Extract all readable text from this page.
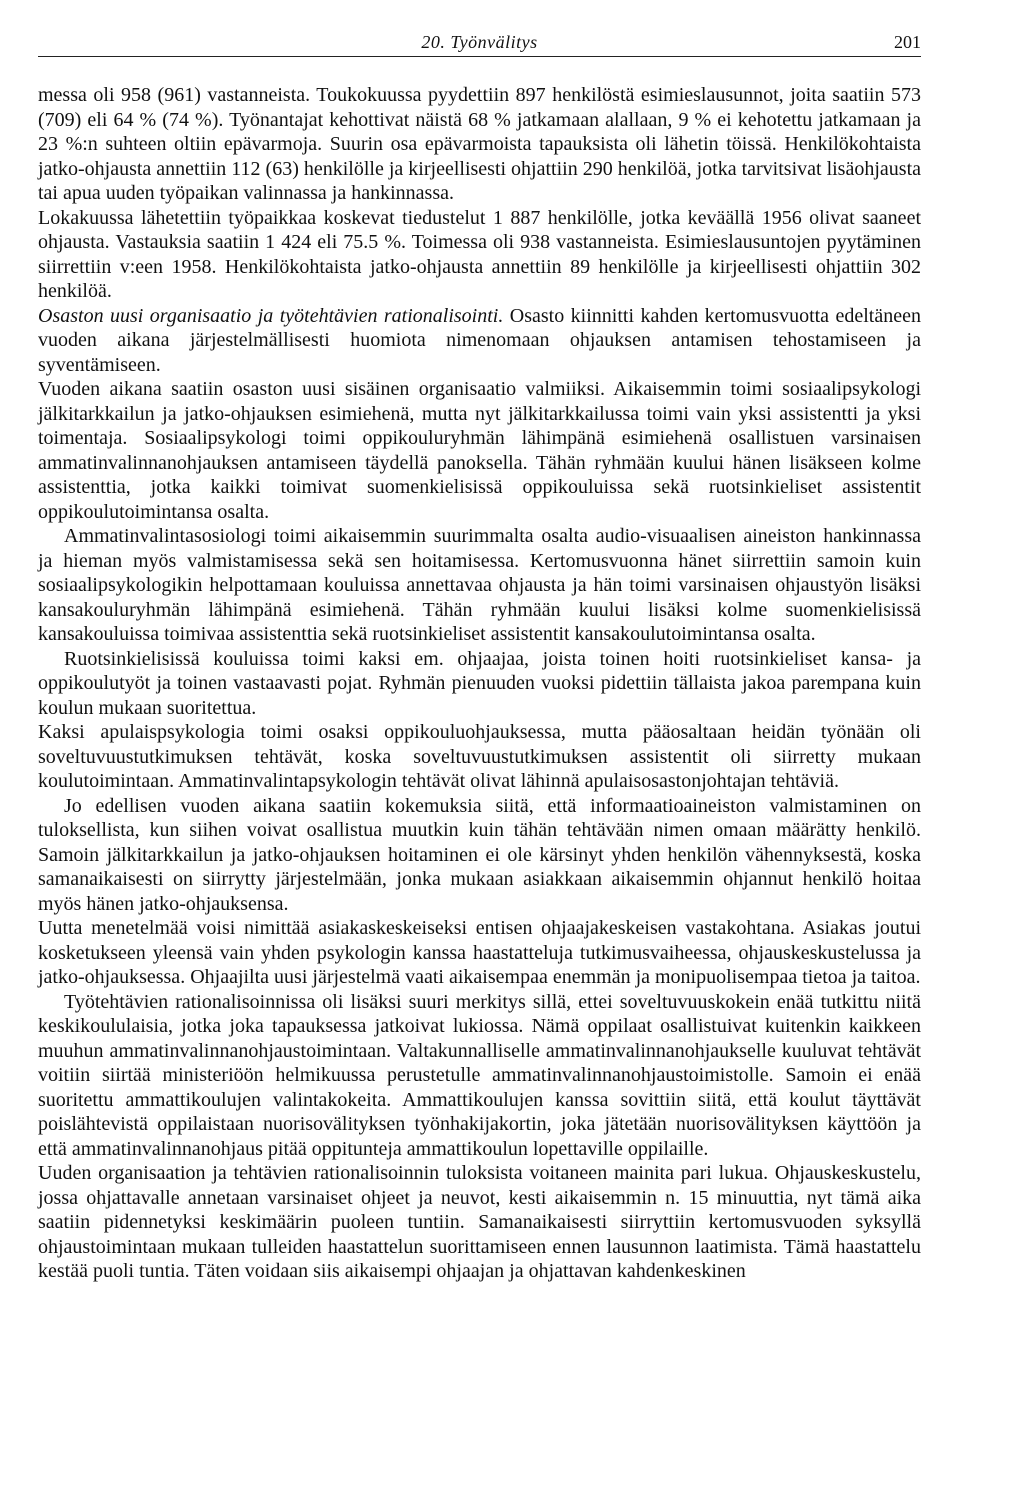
20. Työnvälitys	201

messa oli 958 (961) vastanneista. Toukokuussa pyydettiin 897 henkilöstä esimieslausunnot, joita saatiin 573 (709) eli 64 % (74 %). Työnantajat kehottivat näistä 68 % jatkamaan alallaan, 9 % ei kehotettu jatkamaan ja 23 %:n suhteen oltiin epävarmoja. Suurin osa epävarmoista tapauksista oli lähetin töissä. Henkilökohtaista jatko-ohjausta annettiin 112 (63) henkilölle ja kirjeellisesti ohjattiin 290 henkilöä, jotka tarvitsivat lisäohjausta tai apua uuden työpaikan valinnassa ja hankinnassa.

Lokakuussa lähetettiin työpaikkaa koskevat tiedustelut 1 887 henkilölle, jotka keväällä 1956 olivat saaneet ohjausta. Vastauksia saatiin 1 424 eli 75.5 %. Toimessa oli 938 vastanneista. Esimieslausuntojen pyytäminen siirrettiin v:een 1958. Henkilökohtaista jatko-ohjausta annettiin 89 henkilölle ja kirjeellisesti ohjattiin 302 henkilöä.

Osaston uusi organisaatio ja työtehtävien rationalisointi. Osasto kiinnitti kahden kertomusvuotta edeltäneen vuoden aikana järjestelmällisesti huomiota nimenomaan ohjauksen antamisen tehostamiseen ja syventämiseen.

Vuoden aikana saatiin osaston uusi sisäinen organisaatio valmiiksi. Aikaisemmin toimi sosiaalipsykologi jälkitarkkailun ja jatko-ohjauksen esimiehenä, mutta nyt jälkitarkkailussa toimi vain yksi assistentti ja yksi toimentaja. Sosiaalipsykologi toimi oppikouluryhmän lähimpänä esimiehenä osallistuen varsinaisen ammatinvalinnanohjauksen antamiseen täydellä panoksella. Tähän ryhmään kuului hänen lisäkseen kolme assistenttia, jotka kaikki toimivat suomenkielisissä oppikouluissa sekä ruotsinkieliset assistentit oppikoulutoimintansa osalta.

Ammatinvalintasosiologi toimi aikaisemmin suurimmalta osalta audio-visuaalisen aineiston hankinnassa ja hieman myös valmistamisessa sekä sen hoitamisessa. Kertomusvuonna hänet siirrettiin samoin kuin sosiaalipsykologikin helpottamaan kouluissa annettavaa ohjausta ja hän toimi varsinaisen ohjaustyön lisäksi kansakouluryhmän lähimpänä esimiehenä. Tähän ryhmään kuului lisäksi kolme suomenkielisissä kansakouluissa toimivaa assistenttia sekä ruotsinkieliset assistentit kansakoulutoimintansa osalta.

Ruotsinkielisissä kouluissa toimi kaksi em. ohjaajaa, joista toinen hoiti ruotsinkieliset kansa- ja oppikoulutyöt ja toinen vastaavasti pojat. Ryhmän pienuuden vuoksi pidettiin tällaista jakoa parempana kuin koulun mukaan suoritettua.

Kaksi apulaispsykologia toimi osaksi oppikouluohjauksessa, mutta pääosaltaan heidän työnään oli soveltuvuustutkimuksen tehtävät, koska soveltuvuustutkimuksen assistentit oli siirretty mukaan koulutoimintaan. Ammatinvalintapsykologin tehtävät olivat lähinnä apulaisosastonjohtajan tehtäviä.

Jo edellisen vuoden aikana saatiin kokemuksia siitä, että informaatioaineiston valmistaminen on tuloksellista, kun siihen voivat osallistua muutkin kuin tähän tehtävään nimen omaan määrätty henkilö. Samoin jälkitarkkailun ja jatko-ohjauksen hoitaminen ei ole kärsinyt yhden henkilön vähennyksestä, koska samanaikaisesti on siirrytty järjestelmään, jonka mukaan asiakkaan aikaisemmin ohjannut henkilö hoitaa myös hänen jatko-ohjauksensa.

Uutta menetelmää voisi nimittää asiakaskeskeiseksi entisen ohjaajakeskeisen vastakohtana. Asiakas joutui kosketukseen yleensä vain yhden psykologin kanssa haastatteluja tutkimusvaiheessa, ohjauskeskustelussa ja jatko-ohjauksessa. Ohjaajilta uusi järjestelmä vaati aikaisempaa enemmän ja monipuolisempaa tietoa ja taitoa.

Työtehtävien rationalisoinnissa oli lisäksi suuri merkitys sillä, ettei soveltuvuuskokein enää tutkittu niitä keskikoululaisia, jotka joka tapauksessa jatkoivat lukiossa. Nämä oppilaat osallistuivat kuitenkin kaikkeen muuhun ammatinvalinnanohjaustoimintaan. Valtakunnalliselle ammatinvalinnanohjaukselle kuuluvat tehtävät voitiin siirtää ministeriöön helmikuussa perustetulle ammatinvalinnanohjaustoimistolle. Samoin ei enää suoritettu ammattikoulujen valintakokeita. Ammattikoulujen kanssa sovittiin siitä, että koulut täyttävät poislähtevistä oppilaistaan nuorisovälityksen työnhakijakortin, joka jätetään nuorisovälityksen käyttöön ja että ammatinvalinnanohjaus pitää oppitunteja ammattikoulun lopettaville oppilaille.

Uuden organisaation ja tehtävien rationalisoinnin tuloksista voitaneen mainita pari lukua. Ohjauskeskustelu, jossa ohjattavalle annetaan varsinaiset ohjeet ja neuvot, kesti aikaisemmin n. 15 minuuttia, nyt tämä aika saatiin pidennetyksi keskimäärin puoleen tuntiin. Samanaikaisesti siirryttiin kertomusvuoden syksyllä ohjaustoimintaan mukaan tulleiden haastattelun suorittamiseen ennen lausunnon laatimista. Tämä haastattelu kestää puoli tuntia. Täten voidaan siis aikaisempi ohjaajan ja ohjattavan kahdenkeskinen
